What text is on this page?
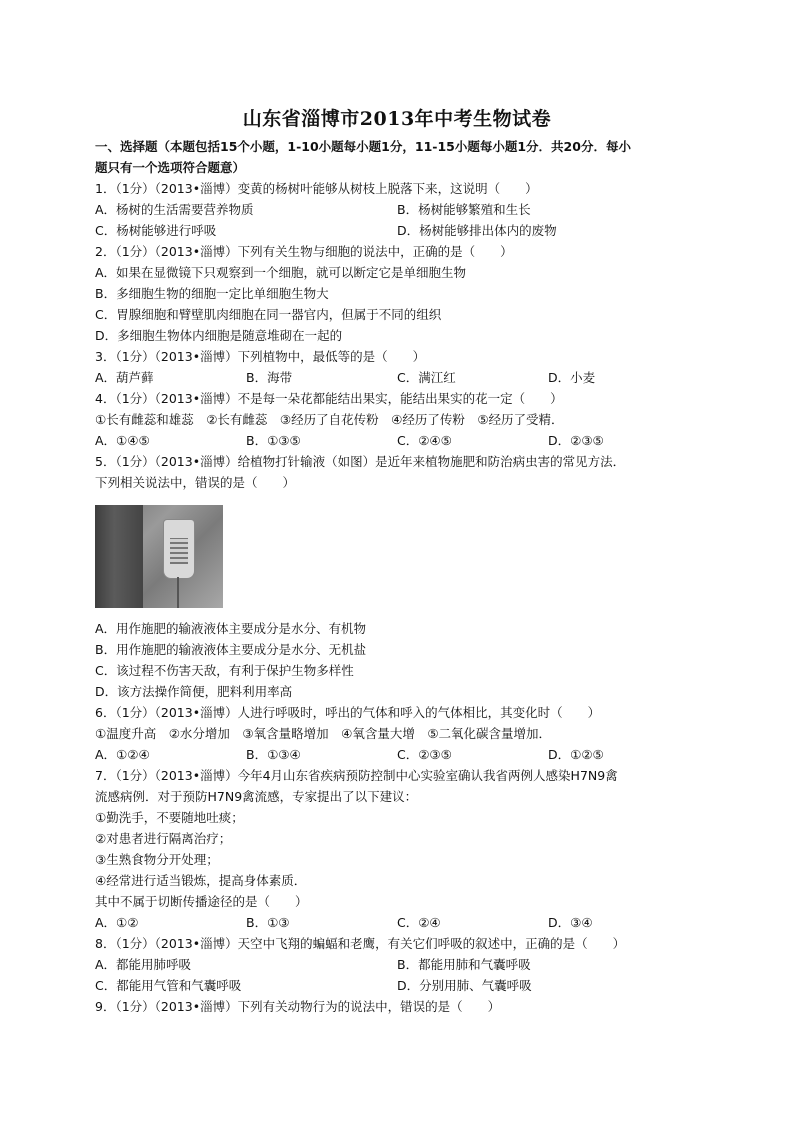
山东省淄博市2013年中考生物试卷
一、选择题（本题包括15个小题，1-10小题每小题1分，11-15小题每小题1分．共20分．每小
题只有一个选项符合题意）
1．（1分）（2013•淄博）变黄的杨树叶能够从树枝上脱落下来，这说明（　　）
A．杨树的生活需要营养物质	B．杨树能够繁殖和生长
C．杨树能够进行呼吸	D．杨树能够排出体内的废物
2．（1分）（2013•淄博）下列有关生物与细胞的说法中，正确的是（　　）
A．如果在显微镜下只观察到一个细胞，就可以断定它是单细胞生物
B．多细胞生物的细胞一定比单细胞生物大
C．胃腺细胞和臂壁肌肉细胞在同一器官内，但属于不同的组织
D．多细胞生物体内细胞是随意堆砌在一起的
3．（1分）（2013•淄博）下列植物中，最低等的是（　　）
A．葫芦藓	B．海带	C．满江红	D．小麦
4．（1分）（2013•淄博）不是每一朵花都能结出果实，能结出果实的花一定（　　）
①长有雌蕊和雄蕊　②长有雌蕊　③经历了自花传粉　④经历了传粉　⑤经历了受精．
A．①④⑤	B．①③⑤	C．②④⑤	D．②③⑤
5．（1分）（2013•淄博）给植物打针输液（如图）是近年来植物施肥和防治病虫害的常见方法．
下列相关说法中，错误的是（　　）
A．用作施肥的输液液体主要成分是水分、有机物
B．用作施肥的输液液体主要成分是水分、无机盐
C．该过程不伤害天敌，有利于保护生物多样性
D．该方法操作简便，肥料利用率高
6．（1分）（2013•淄博）人进行呼吸时，呼出的气体和呼入的气体相比，其变化时（　　）
①温度升高　②水分增加　③氧含量略增加　④氧含量大增　⑤二氧化碳含量增加．
A．①②④	B．①③④	C．②③⑤	D．①②⑤
7．（1分）（2013•淄博）今年4月山东省疾病预防控制中心实验室确认我省两例人感染H7N9禽
流感病例．对于预防H7N9禽流感，专家提出了以下建议：
①勤洗手，不要随地吐痰；
②对患者进行隔离治疗；
③生熟食物分开处理；
④经常进行适当锻炼，提高身体素质．
其中不属于切断传播途径的是（　　）
A．①②	B．①③	C．②④	D．③④
8．（1分）（2013•淄博）天空中飞翔的蝙蝠和老鹰，有关它们呼吸的叙述中，正确的是（　　）
A．都能用肺呼吸	B．都能用肺和气囊呼吸
C．都能用气管和气囊呼吸	D．分别用肺、气囊呼吸
9．（1分）（2013•淄博）下列有关动物行为的说法中，错误的是（　　）
